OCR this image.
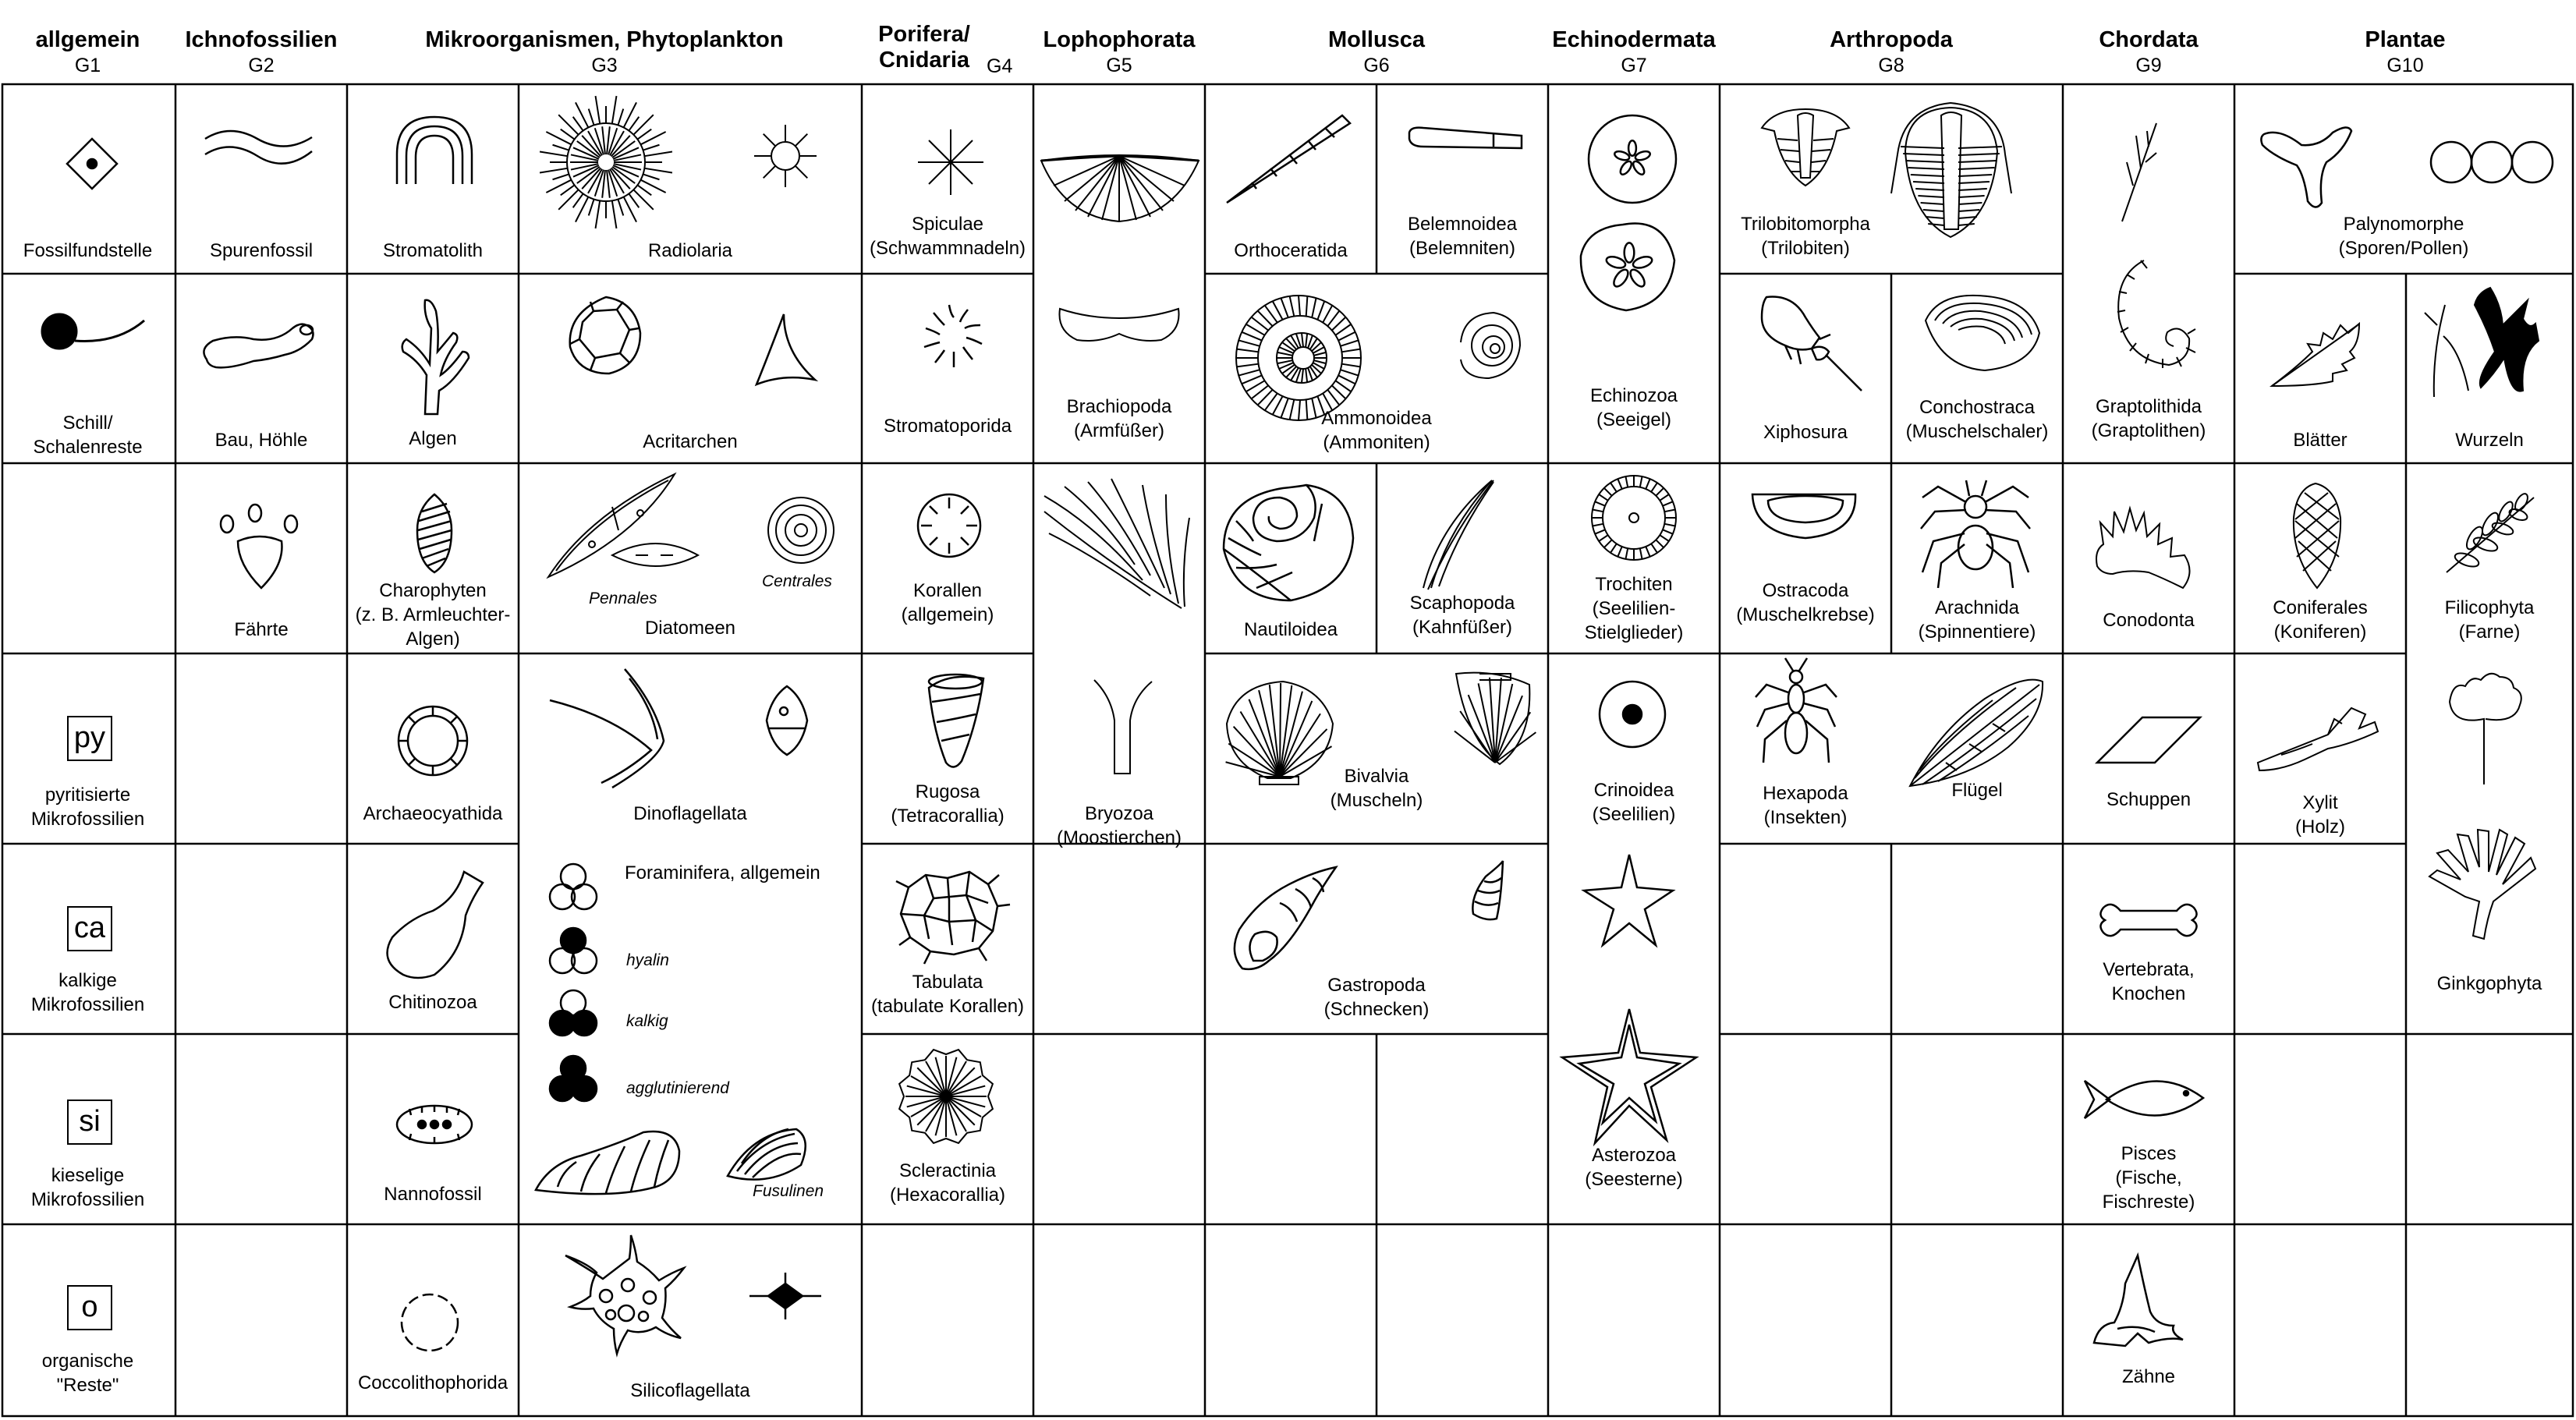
allgemein
G1
Ichnofossilien
G2
Mikroorganismen, Phytoplankton
G3
Porifera/
Cnidaria G4
Lophophorata
G5
Mollusca
G6
Echinodermata
G7
Arthropoda
G8
Chordata
G9
Plantae
G10
Fossilfundstelle
Schill/
Schalenreste
py
pyritisierte
Mikrofossilien
ca
kalkige
Mikrofossilien
si
kieselige
Mikrofossilien
o
organische
"Reste"
Spurenfossil
Bau, Höhle
Fährte
Stromatolith
Algen
Charophyten
(z. B. Armleuchter-
Algen)
Archaeocyathida
Chitinozoa
Nannofossil
Coccolithophorida
Radiolaria
Acritarchen
Pennales
Centrales
Diatomeen
Dinoflagellata
Foraminifera, allgemein
hyalin
kalkig
agglutinierend
Fusulinen
Silicoflagellata
Spiculae
(Schwammnadeln)
Stromatoporida
Korallen
(allgemein)
Rugosa
(Tetracorallia)
Tabulata
(tabulate Korallen)
Scleractinia
(Hexacorallia)
Brachiopoda
(Armfüßer)
Bryozoa
(Moostierchen)
Orthoceratida
Belemnoidea
(Belemniten)
Ammonoidea
(Ammoniten)
Nautiloidea
Scaphopoda
(Kahnfüßer)
Bivalvia
(Muscheln)
Gastropoda
(Schnecken)
Echinozoa
(Seeigel)
Trochiten
(Seelilien-
Stielglieder)
Crinoidea
(Seelilien)
Asterozoa
(Seesterne)
Trilobitomorpha
(Trilobiten)
Xiphosura
Conchostraca
(Muschelschaler)
Ostracoda
(Muschelkrebse)	Arachnida
(Spinnentiere)
Hexapoda
(Insekten)
Flügel
Graptolithida
(Graptolithen)
Conodonta
Schuppen
Vertebrata,
Knochen
Pisces
(Fische,
Fischreste)
Zähne
Palynomorphe
(Sporen/Pollen)
Blätter	Wurzeln
Coniferales
(Koniferen)
Filicophyta
(Farne)
Xylit
(Holz)
Ginkgophyta
